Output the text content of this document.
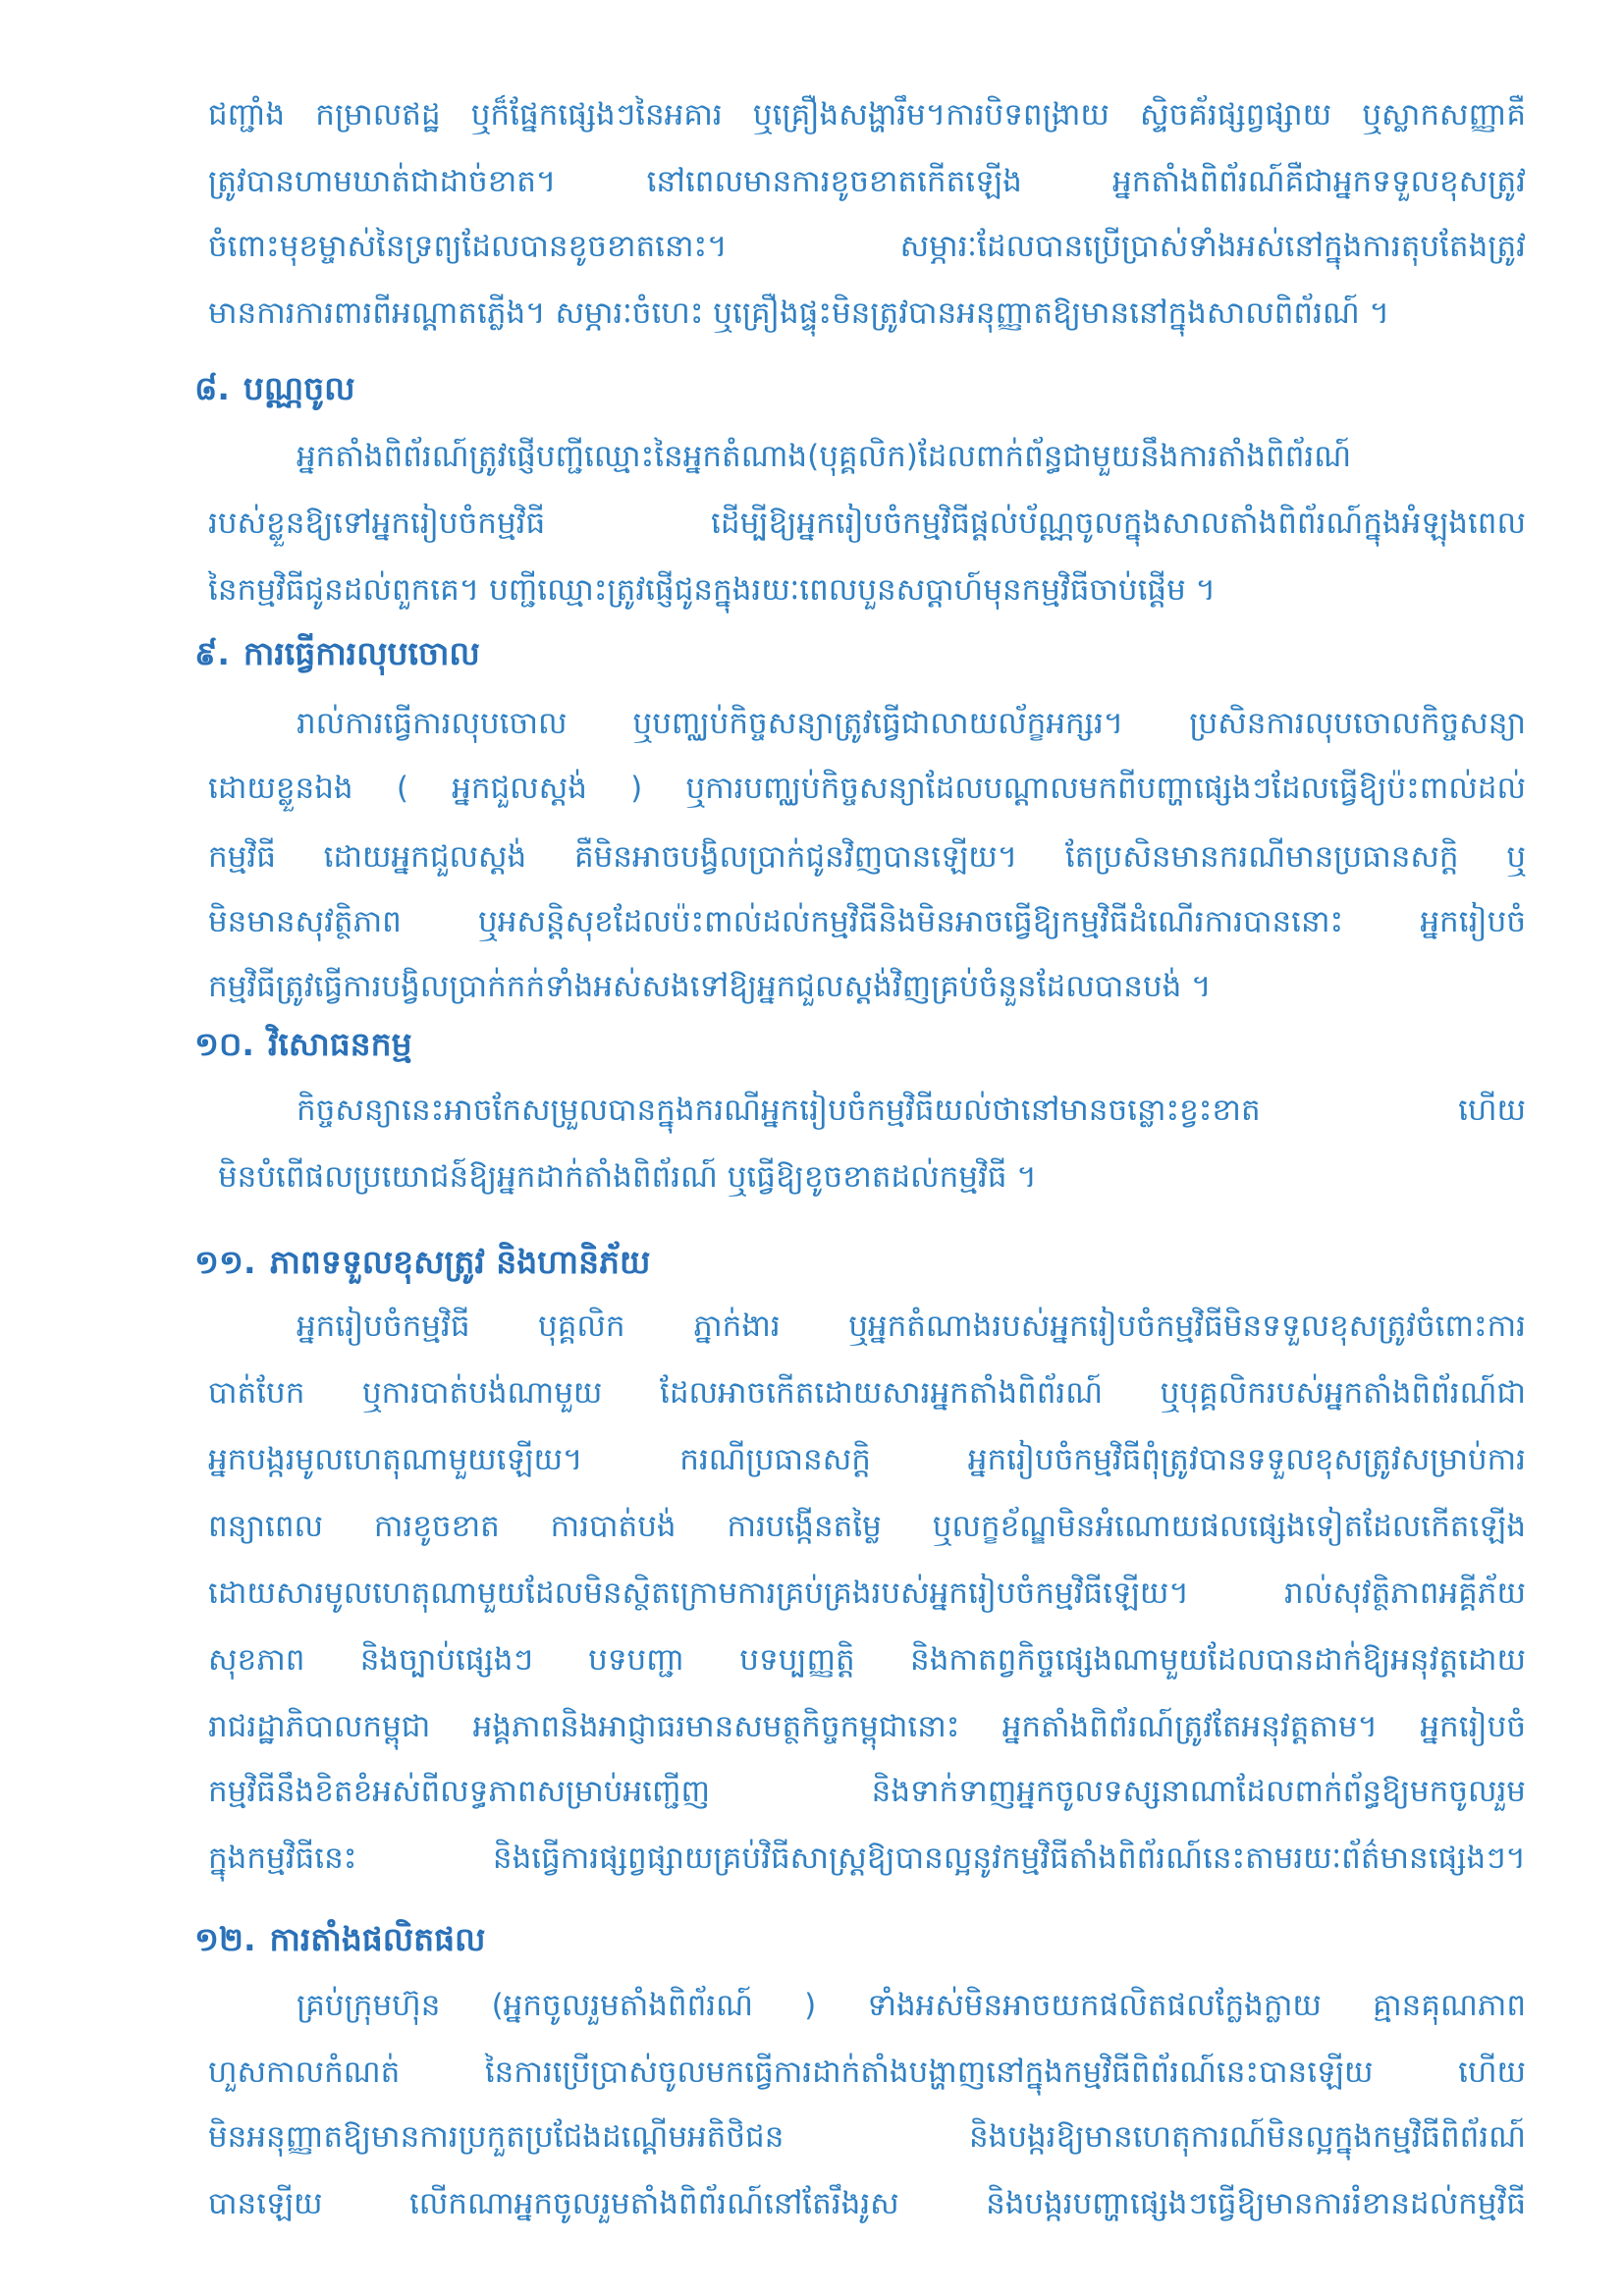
ជញ្ជាំង កម្រាលឥដ្ឋ ឬក៏ផ្នែកផ្សេងៗនៃអគារ ឬគ្រឿងសង្ហារឹម។ការបិទពង្រាយ ស្ទិចគ័រផ្សព្វផ្សាយ ឬស្លាកសញ្ញាគឺ
ត្រូវបានហាមឃាត់ជាដាច់ខាត។ នៅពេលមានការខូចខាតកើតឡើង អ្នកតាំងពិព័រណ៍គឺជាអ្នកទទួលខុសត្រូវ
ចំពោះមុខម្ចាស់នៃទ្រព្យដែលបានខូចខាតនោះ។ សម្ភារៈដែលបានប្រើប្រាស់ទាំងអស់នៅក្នុងការតុបតែងត្រូវ
មានការការពារពីអណ្តាតភ្លើង។ សម្ភារៈចំហេះ ឬគ្រឿងផ្ទុះមិនត្រូវបានអនុញ្ញាតឱ្យមាននៅក្នុងសាលពិព័រណ៍ ។
៨. បណ្ណចូល
អ្នកតាំងពិព័រណ៍ត្រូវផ្ញើបញ្ជីឈ្មោះនៃអ្នកតំណាង(បុគ្គលិក)ដែលពាក់ព័ន្ធជាមួយនឹងការតាំងពិព័រណ៍
របស់ខ្លួនឱ្យទៅអ្នករៀបចំកម្មវិធី ដើម្បីឱ្យអ្នករៀបចំកម្មវិធីផ្តល់ប័ណ្ណចូលក្នុងសាលតាំងពិព័រណ៍ក្នុងអំឡុងពេល
នៃកម្មវិធីជូនដល់ពួកគេ។ បញ្ជីឈ្មោះត្រូវផ្ញើជូនក្នុងរយៈពេលបួនសប្តាហ៍មុនកម្មវិធីចាប់ផ្តើម ។
៩. ការធ្វើការលុបចោល
រាល់ការធ្វើការលុបចោល ឬបញ្ឈប់កិច្ចសន្យាត្រូវធ្វើជាលាយល័ក្ខអក្សរ។ ប្រសិនការលុបចោលកិច្ចសន្យា
ដោយខ្លួនឯង ( អ្នកជួលស្តង់ ) ឬការបញ្ឈប់កិច្ចសន្យាដែលបណ្តាលមកពីបញ្ហាផ្សេងៗដែលធ្វើឱ្យប៉ះពាល់ដល់
កម្មវិធី ដោយអ្នកជួលស្តង់ គឺមិនអាចបង្វិលប្រាក់ជូនវិញបានឡើយ។ តែប្រសិនមានករណីមានប្រធានសក្តិ ឬ
មិនមានសុវត្ថិភាព ឬអសន្តិសុខដែលប៉ះពាល់ដល់កម្មវិធីនិងមិនអាចធ្វើឱ្យកម្មវិធីដំណើរការបាននោះ អ្នករៀបចំ
កម្មវិធីត្រូវធ្វើការបង្វិលប្រាក់កក់ទាំងអស់សងទៅឱ្យអ្នកជួលស្តង់វិញគ្រប់ចំនួនដែលបានបង់ ។
១០. វិសោធនកម្ម
កិច្ចសន្យានេះអាចកែសម្រួលបានក្នុងករណីអ្នករៀបចំកម្មវិធីយល់ថានៅមានចន្លោះខ្វះខាត ហើយ
មិនបំពើផលប្រយោជន៍ឱ្យអ្នកដាក់តាំងពិព័រណ៍ ឬធ្វើឱ្យខូចខាតដល់កម្មវិធី ។
១១. ភាពទទួលខុសត្រូវ និងហានិភ័យ
អ្នករៀបចំកម្មវិធី បុគ្គលិក ភ្នាក់ងារ ឬអ្នកតំណាងរបស់អ្នករៀបចំកម្មវិធីមិនទទួលខុសត្រូវចំពោះការ
បាត់បែក ឬការបាត់បង់ណាមួយ ដែលអាចកើតដោយសារអ្នកតាំងពិព័រណ៍ ឬបុគ្គលិករបស់អ្នកតាំងពិព័រណ៍ជា
អ្នកបង្ករមូលហេតុណាមួយឡើយ។ ករណីប្រធានសក្តិ អ្នករៀបចំកម្មវិធីពុំត្រូវបានទទួលខុសត្រូវសម្រាប់ការ
ពន្យាពេល ការខូចខាត ការបាត់បង់ ការបង្កើនតម្លៃ ឬលក្ខខ័ណ្ឌមិនអំណោយផលផ្សេងទៀតដែលកើតឡើង
ដោយសារមូលហេតុណាមួយដែលមិនស្ថិតក្រោមការគ្រប់គ្រងរបស់អ្នករៀបចំកម្មវិធីឡើយ។ រាល់សុវត្ថិភាពអគ្គីភ័យ
សុខភាព និងច្បាប់ផ្សេងៗ បទបញ្ជា បទប្បញ្ញត្តិ និងកាតព្វកិច្ចផ្សេងណាមួយដែលបានដាក់ឱ្យអនុវត្តដោយ
រាជរដ្ឋាភិបាលកម្ពុជា អង្គភាពនិងអាជ្ញាធរមានសមត្ថកិច្ចកម្ពុជានោះ អ្នកតាំងពិព័រណ៍ត្រូវតែអនុវត្តតាម។ អ្នករៀបចំ
កម្មវិធីនឹងខិតខំអស់ពីលទ្ធភាពសម្រាប់អញ្ជើញ និងទាក់ទាញអ្នកចូលទស្សនាណាដែលពាក់ព័ន្ធឱ្យមកចូលរួម
ក្នុងកម្មវិធីនេះ និងធ្វើការផ្សព្វផ្សាយគ្រប់វិធីសាស្ត្រឱ្យបានល្អនូវកម្មវិធីតាំងពិព័រណ៍នេះតាមរយៈព័ត៌មានផ្សេងៗ។
១២. ការតាំងផលិតផល
គ្រប់ក្រុមហ៊ុន (អ្នកចូលរួមតាំងពិព័រណ៍ ) ទាំងអស់មិនអាចយកផលិតផលក្លែងក្លាយ គ្មានគុណភាព
ហួសកាលកំណត់ នៃការប្រើប្រាស់ចូលមកធ្វើការដាក់តាំងបង្ហាញនៅក្នុងកម្មវិធីពិព័រណ៍នេះបានឡើយ ហើយ
មិនអនុញ្ញាតឱ្យមានការប្រកួតប្រជែងដណ្តើមអតិថិជន និងបង្ករឱ្យមានហេតុការណ៍មិនល្អក្នុងកម្មវិធីពិព័រណ៍
បានឡើយ លើកណាអ្នកចូលរួមតាំងពិព័រណ៍នៅតែរឹងរូស និងបង្ករបញ្ហាផ្សេងៗធ្វើឱ្យមានការរំខានដល់កម្មវិធី
